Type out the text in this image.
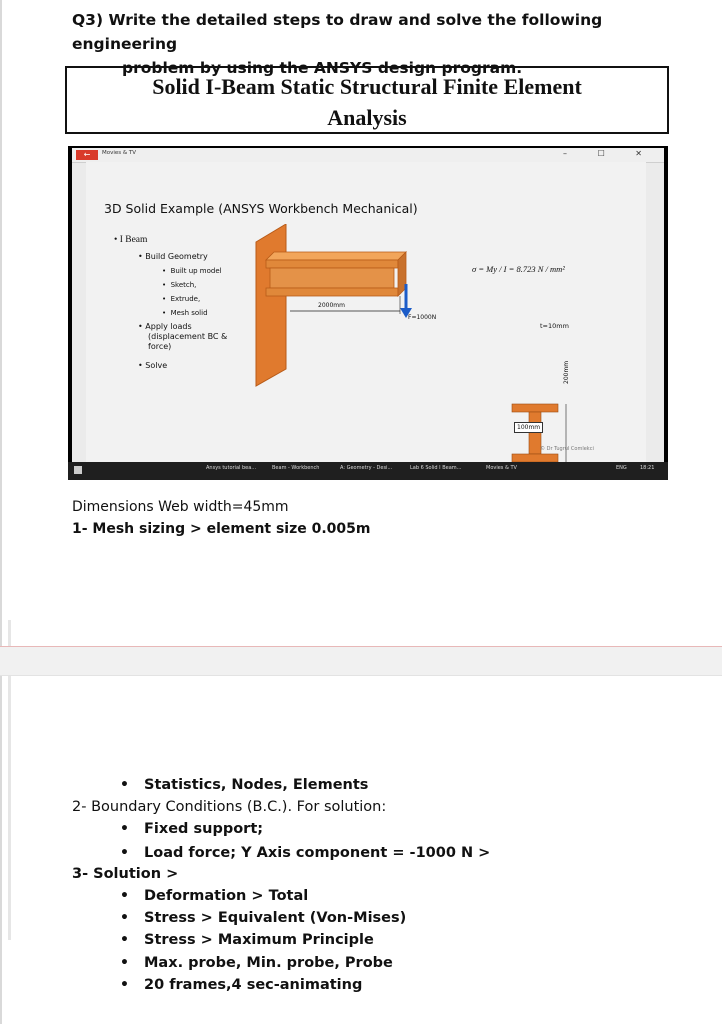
Q3) Write the detailed steps to draw and solve the following engineering
problem by using the ANSYS design program.
Solid I-Beam Static Structural Finite Element
Analysis
←	Movies & TV	– ☐ ✕
3D Solid Example (ANSYS Workbench Mechanical)
• I Beam
• Build Geometry
•  Built up model
•  Sketch,
•  Extrude,
•  Mesh solid
• Apply loads
(displacement BC &
force)
• Solve
2000mm
F=1000N
σ = My / I = 8.723 N / mm²
t=10mm
200mm
100mm
© Dr Tugrul Comlekci
Ansys tutorial bea...	Beam - Workbench	A: Geometry - Desi...	Lab 6 Solid I Beam...	Movies & TV	ENG	18:21
Dimensions Web width=45mm
1- Mesh sizing > element size 0.005m
• Statistics, Nodes, Elements
2- Boundary Conditions (B.C.). For solution:
• Fixed support;
• Load force; Y Axis component = -1000 N >
3- Solution >
• Deformation > Total
• Stress > Equivalent (Von-Mises)
• Stress > Maximum Principle
• Max. probe, Min. probe, Probe
• 20 frames,4 sec-animating
